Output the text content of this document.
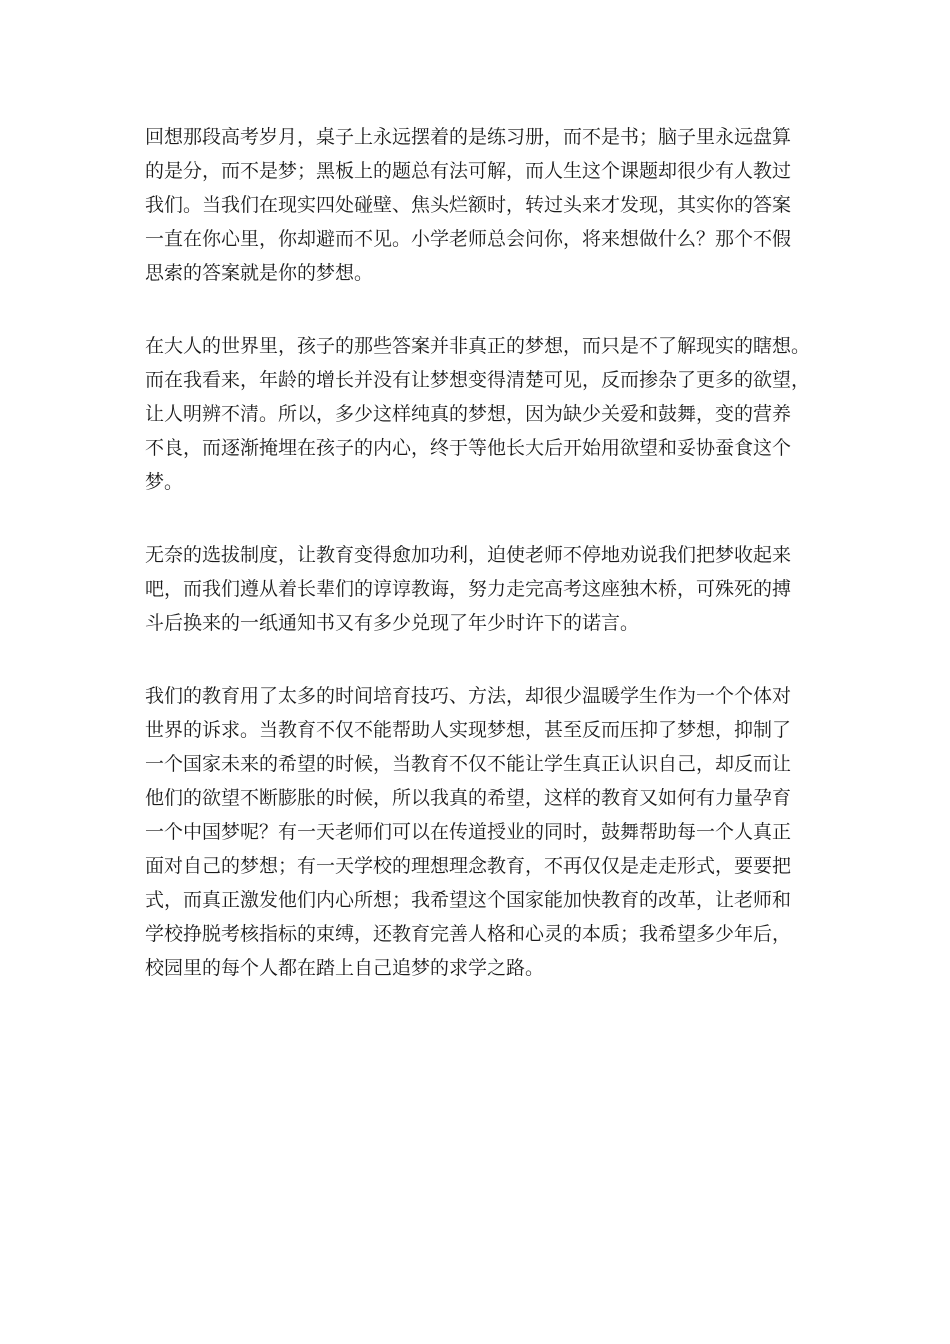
回想那段高考岁月，桌子上永远摆着的是练习册，而不是书；脑子里永远盘算
的是分，而不是梦；黑板上的题总有法可解，而人生这个课题却很少有人教过
我们。当我们在现实四处碰壁、焦头烂额时，转过头来才发现，其实你的答案
一直在你心里，你却避而不见。小学老师总会问你，将来想做什么？那个不假
思索的答案就是你的梦想。

在大人的世界里，孩子的那些答案并非真正的梦想，而只是不了解现实的瞎想。
而在我看来，年龄的增长并没有让梦想变得清楚可见，反而掺杂了更多的欲望，
让人明辨不清。所以，多少这样纯真的梦想，因为缺少关爱和鼓舞，变的营养
不良，而逐渐掩埋在孩子的内心，终于等他长大后开始用欲望和妥协蚕食这个
梦。

无奈的选拔制度，让教育变得愈加功利，迫使老师不停地劝说我们把梦收起来
吧，而我们遵从着长辈们的谆谆教诲，努力走完高考这座独木桥，可殊死的搏
斗后换来的一纸通知书又有多少兑现了年少时许下的诺言。

我们的教育用了太多的时间培育技巧、方法，却很少温暖学生作为一个个体对
世界的诉求。当教育不仅不能帮助人实现梦想，甚至反而压抑了梦想，抑制了
一个国家未来的希望的时候，当教育不仅不能让学生真正认识自己，却反而让
他们的欲望不断膨胀的时候，所以我真的希望，这样的教育又如何有力量孕育
一个中国梦呢？有一天老师们可以在传道授业的同时，鼓舞帮助每一个人真正
面对自己的梦想；有一天学校的理想理念教育，不再仅仅是走走形式，要要把
式，而真正激发他们内心所想；我希望这个国家能加快教育的改革，让老师和
学校挣脱考核指标的束缚，还教育完善人格和心灵的本质；我希望多少年后，
校园里的每个人都在踏上自己追梦的求学之路。
